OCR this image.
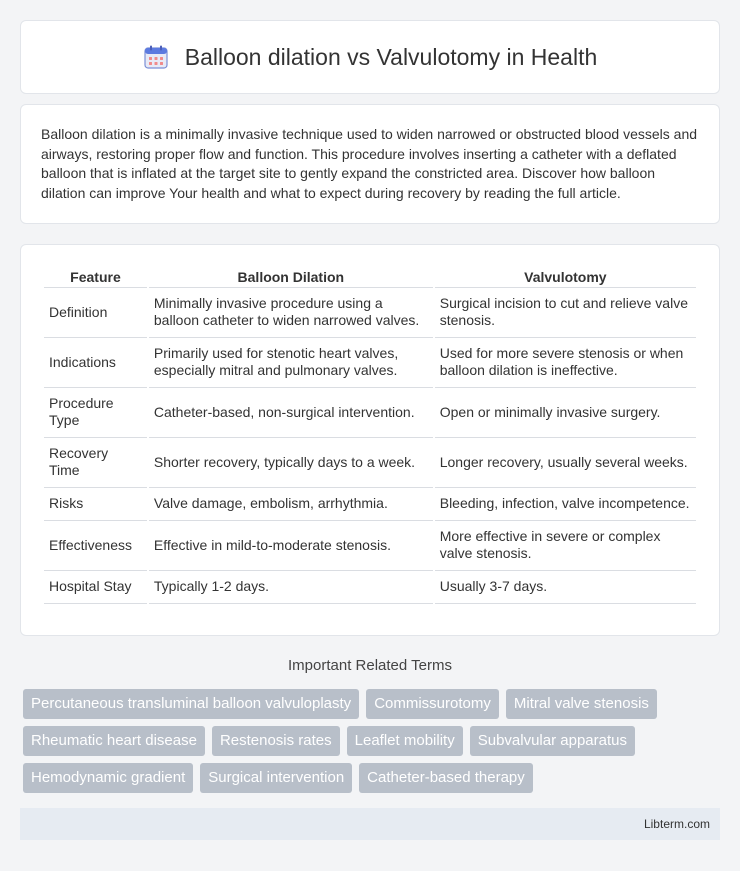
Balloon dilation vs Valvulotomy in Health

Balloon dilation is a minimally invasive technique used to widen narrowed or obstructed blood vessels and airways, restoring proper flow and function. This procedure involves inserting a catheter with a deflated balloon that is inflated at the target site to gently expand the constricted area. Discover how balloon dilation can improve Your health and what to expect during recovery by reading the full article.

Feature	Balloon Dilation	Valvulotomy
Definition	Minimally invasive procedure using a balloon catheter to widen narrowed valves.	Surgical incision to cut and relieve valve stenosis.
Indications	Primarily used for stenotic heart valves, especially mitral and pulmonary valves.	Used for more severe stenosis or when balloon dilation is ineffective.
Procedure Type	Catheter-based, non-surgical intervention.	Open or minimally invasive surgery.
Recovery Time	Shorter recovery, typically days to a week.	Longer recovery, usually several weeks.
Risks	Valve damage, embolism, arrhythmia.	Bleeding, infection, valve incompetence.
Effectiveness	Effective in mild-to-moderate stenosis.	More effective in severe or complex valve stenosis.
Hospital Stay	Typically 1-2 days.	Usually 3-7 days.
Important Related Terms
Percutaneous transluminal balloon valvuloplasty	Commissurotomy	Mitral valve stenosis
Rheumatic heart disease	Restenosis rates	Leaflet mobility	Subvalvular apparatus
Hemodynamic gradient	Surgical intervention	Catheter-based therapy
Libterm.com
